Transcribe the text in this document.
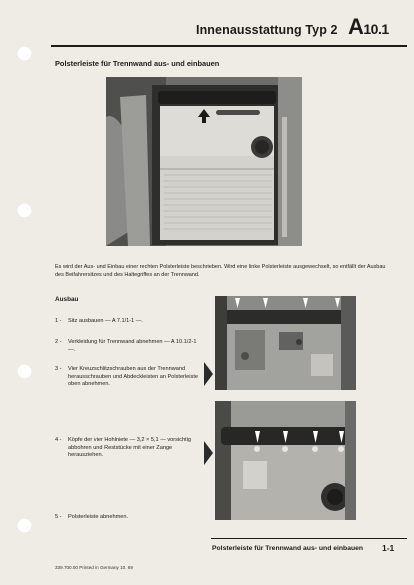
Innenausstattung Typ 2 A10.1
Polsterleiste für Trennwand aus- und einbauen

Es wird der Aus- und Einbau einer rechten Polsterleiste beschrieben. Wird eine linke Polsterleiste ausgewechselt, so entfällt der Ausbau des Beifahrersitzes und des Haltegriffes an der Trennwand.

Ausbau
1 - Sitz ausbauen — A 7.1/1-1 —.
2 - Verkleidung für Trennwand abnehmen — A 10.1/2-1 —.
3 - Vier Kreuzschlitzschrauben aus der Trennwand herausschrauben und Abdeckleisten an Polsterleiste oben abnehmen.
4 - Köpfe der vier Hohlniete — 3,2 × 5,1 — vorsichtig abbohren und Reststücke mit einer Zange herausziehen.
5 - Polsterleiste abnehmen.
Polsterleiste für Trennwand aus- und einbauen 1-1
339.700.00 Printed in Germany 10. 69
